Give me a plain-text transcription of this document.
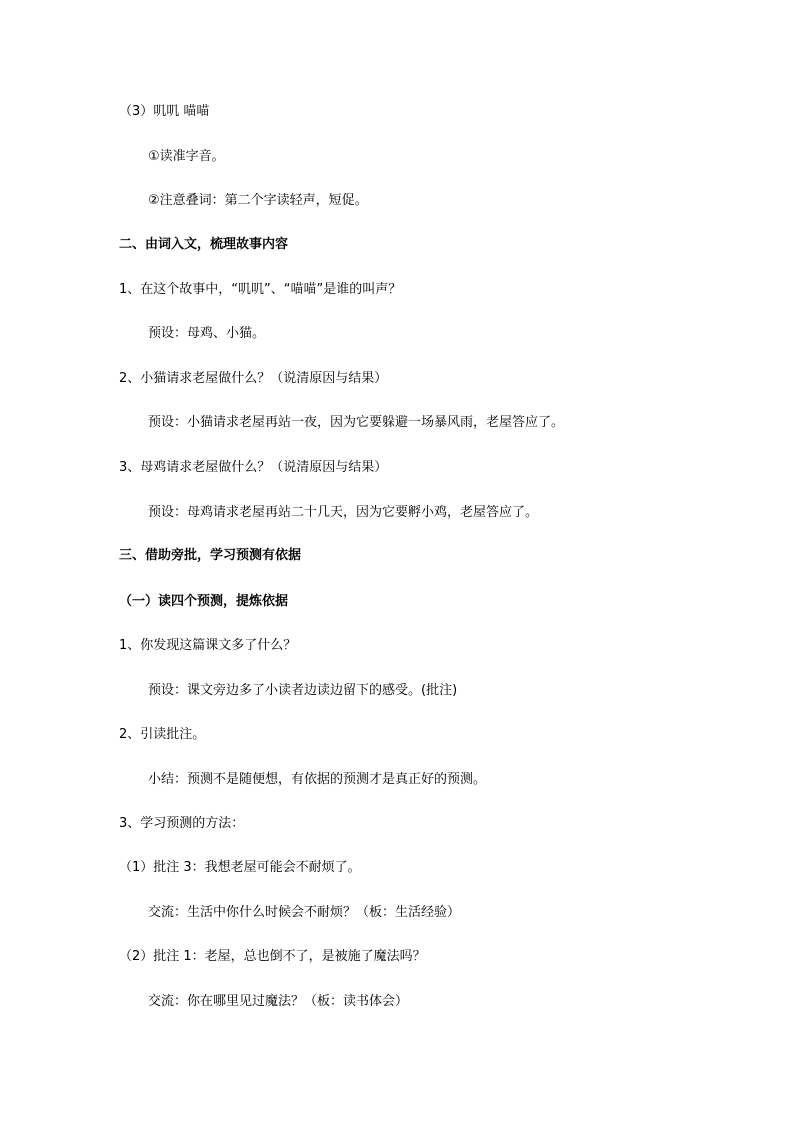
（3）叽叽 喵喵
①读准字音。
②注意叠词：第二个字读轻声，短促。
二、由词入文，梳理故事内容
1、在这个故事中，“叽叽”、“喵喵”是谁的叫声？
预设：母鸡、小猫。
2、小猫请求老屋做什么？（说清原因与结果）
预设：小猫请求老屋再站一夜，因为它要躲避一场暴风雨，老屋答应了。
3、母鸡请求老屋做什么？（说清原因与结果）
预设：母鸡请求老屋再站二十几天，因为它要孵小鸡，老屋答应了。
三、借助旁批，学习预测有依据
（一）读四个预测，提炼依据
1、你发现这篇课文多了什么？
预设：课文旁边多了小读者边读边留下的感受。(批注)
2、引读批注。
小结：预测不是随便想，有依据的预测才是真正好的预测。
3、学习预测的方法：
（1）批注 3：我想老屋可能会不耐烦了。
交流：生活中你什么时候会不耐烦？（板：生活经验）
（2）批注 1：老屋，总也倒不了，是被施了魔法吗？
交流：你在哪里见过魔法？（板：读书体会）
